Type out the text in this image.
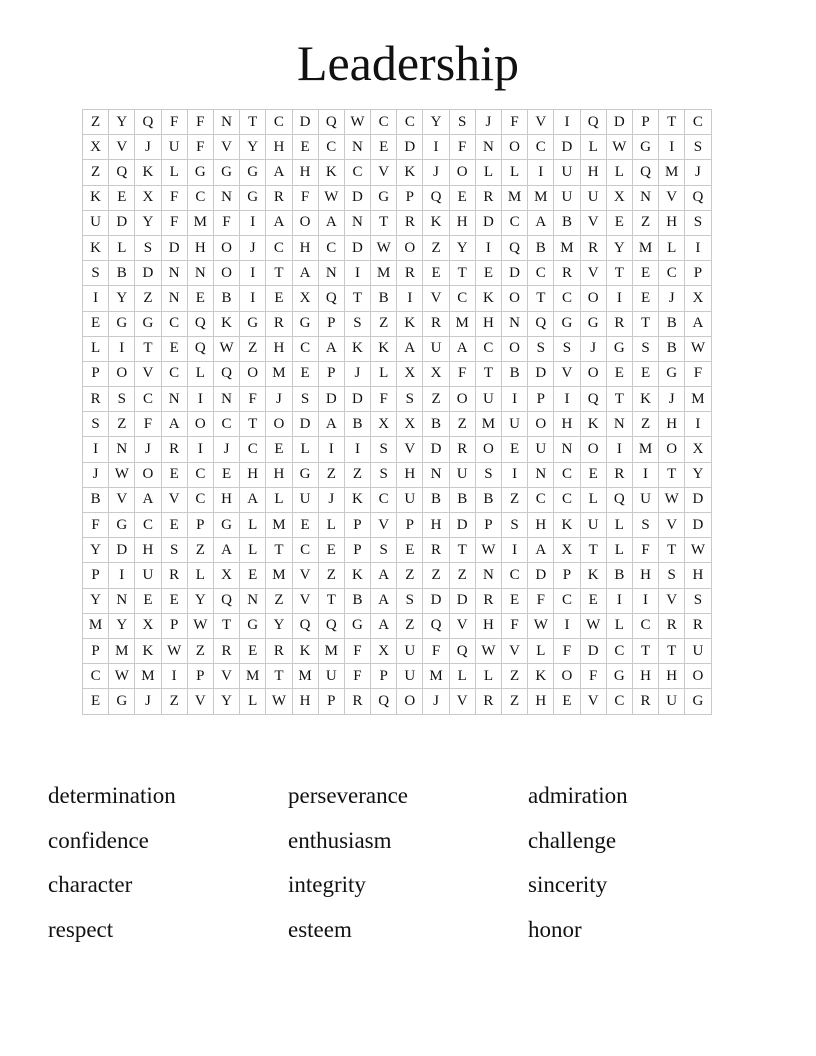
Leadership
Z	Y	Q	F	F	N	T	C	D	Q	W	C	C	Y	S	J	F	V	I	Q	D	P	T	C
X	V	J	U	F	V	Y	H	E	C	N	E	D	I	F	N	O	C	D	L	W	G	I	S
Z	Q	K	L	G	G	G	A	H	K	C	V	K	J	O	L	L	I	U	H	L	Q	M	J
K	E	X	F	C	N	G	R	F	W	D	G	P	Q	E	R	M	M	U	U	X	N	V	Q
U	D	Y	F	M	F	I	A	O	A	N	T	R	K	H	D	C	A	B	V	E	Z	H	S
K	L	S	D	H	O	J	C	H	C	D	W	O	Z	Y	I	Q	B	M	R	Y	M	L	I
S	B	D	N	N	O	I	T	A	N	I	M	R	E	T	E	D	C	R	V	T	E	C	P
I	Y	Z	N	E	B	I	E	X	Q	T	B	I	V	C	K	O	T	C	O	I	E	J	X
E	G	G	C	Q	K	G	R	G	P	S	Z	K	R	M	H	N	Q	G	G	R	T	B	A
L	I	T	E	Q	W	Z	H	C	A	K	K	A	U	A	C	O	S	S	J	G	S	B	W
P	O	V	C	L	Q	O	M	E	P	J	L	X	X	F	T	B	D	V	O	E	E	G	F
R	S	C	N	I	N	F	J	S	D	D	F	S	Z	O	U	I	P	I	Q	T	K	J	M
S	Z	F	A	O	C	T	O	D	A	B	X	X	B	Z	M	U	O	H	K	N	Z	H	I
I	N	J	R	I	J	C	E	L	I	I	S	V	D	R	O	E	U	N	O	I	M	O	X
J	W	O	E	C	E	H	H	G	Z	Z	S	H	N	U	S	I	N	C	E	R	I	T	Y
B	V	A	V	C	H	A	L	U	J	K	C	U	B	B	B	Z	C	C	L	Q	U	W	D
F	G	C	E	P	G	L	M	E	L	P	V	P	H	D	P	S	H	K	U	L	S	V	D
Y	D	H	S	Z	A	L	T	C	E	P	S	E	R	T	W	I	A	X	T	L	F	T	W
P	I	U	R	L	X	E	M	V	Z	K	A	Z	Z	Z	N	C	D	P	K	B	H	S	H
Y	N	E	E	Y	Q	N	Z	V	T	B	A	S	D	D	R	E	F	C	E	I	I	V	S
M	Y	X	P	W	T	G	Y	Q	Q	G	A	Z	Q	V	H	F	W	I	W	L	C	R	R
P	M	K	W	Z	R	E	R	K	M	F	X	U	F	Q	W	V	L	F	D	C	T	T	U
C	W	M	I	P	V	M	T	M	U	F	P	U	M	L	L	Z	K	O	F	G	H	H	O
E	G	J	Z	V	Y	L	W	H	P	R	Q	O	J	V	R	Z	H	E	V	C	R	U	G
determination	perseverance	admiration
confidence	enthusiasm	challenge
character	integrity	sincerity
respect	esteem	honor
